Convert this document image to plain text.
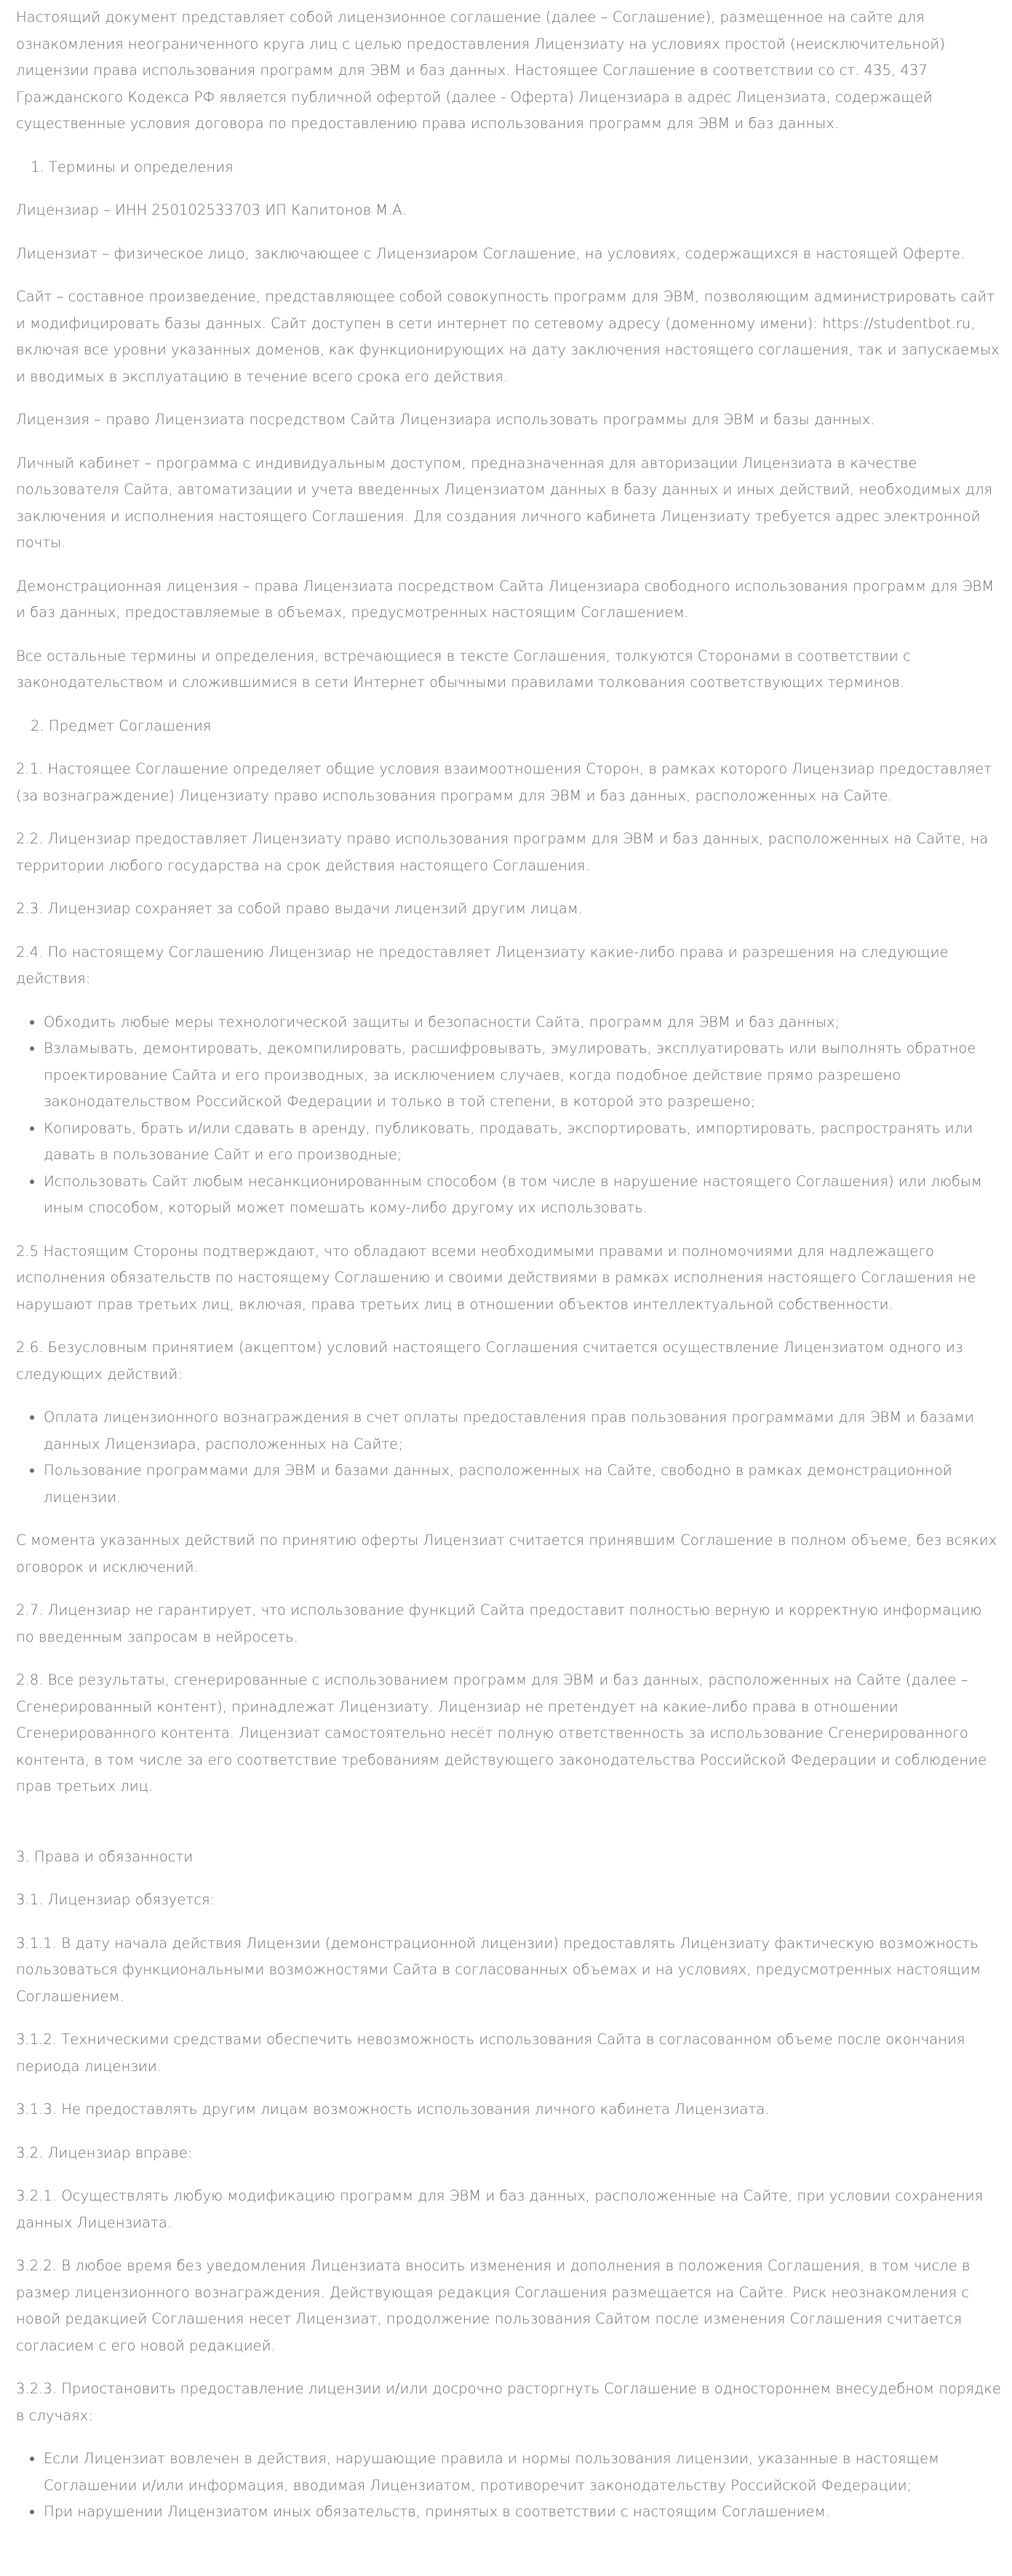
Настоящий документ представляет собой лицензионное соглашение (далее – Соглашение), размещенное на сайте для ознакомления неограниченного круга лиц с целью предоставления Лицензиату на условиях простой (неисключительной) лицензии права использования программ для ЭВМ и баз данных. Настоящее Соглашение в соответствии со ст. 435, 437 Гражданского Кодекса РФ является публичной офертой (далее - Оферта) Лицензиара в адрес Лицензиата, содержащей существенные условия договора по предоставлению права использования программ для ЭВМ и баз данных.

1. Термины и определения

Лицензиар – ИНН 250102533703 ИП Капитонов М.А.

Лицензиат – физическое лицо, заключающее с Лицензиаром Соглашение, на условиях, содержащихся в настоящей Оферте.

Сайт – составное произведение, представляющее собой совокупность программ для ЭВМ, позволяющим администрировать сайт и модифицировать базы данных. Сайт доступен в сети интернет по сетевому адресу (доменному имени): https://studentbot.ru, включая все уровни указанных доменов, как функционирующих на дату заключения настоящего соглашения, так и запускаемых и вводимых в эксплуатацию в течение всего срока его действия.

Лицензия – право Лицензиата посредством Сайта Лицензиара использовать программы для ЭВМ и базы данных.

Личный кабинет – программа с индивидуальным доступом, предназначенная для авторизации Лицензиата в качестве пользователя Сайта, автоматизации и учета введенных Лицензиатом данных в базу данных и иных действий, необходимых для заключения и исполнения настоящего Соглашения. Для создания личного кабинета Лицензиату требуется адрес электронной почты.

Демонстрационная лицензия – права Лицензиата посредством Сайта Лицензиара свободного использования программ для ЭВМ и баз данных, предоставляемые в объемах, предусмотренных настоящим Соглашением.

Все остальные термины и определения, встречающиеся в тексте Соглашения, толкуются Сторонами в соответствии с законодательством и сложившимися в сети Интернет обычными правилами толкования соответствующих терминов.

2. Предмет Соглашения

2.1. Настоящее Соглашение определяет общие условия взаимоотношения Сторон, в рамках которого Лицензиар предоставляет (за вознаграждение) Лицензиату право использования программ для ЭВМ и баз данных, расположенных на Сайте.

2.2. Лицензиар предоставляет Лицензиату право использования программ для ЭВМ и баз данных, расположенных на Сайте, на территории любого государства на срок действия настоящего Соглашения.

2.3. Лицензиар сохраняет за собой право выдачи лицензий другим лицам.

2.4. По настоящему Соглашению Лицензиар не предоставляет Лицензиату какие-либо права и разрешения на следующие действия:

• Обходить любые меры технологической защиты и безопасности Сайта, программ для ЭВМ и баз данных;
• Взламывать, демонтировать, декомпилировать, расшифровывать, эмулировать, эксплуатировать или выполнять обратное проектирование Сайта и его производных, за исключением случаев, когда подобное действие прямо разрешено законодательством Российской Федерации и только в той степени, в которой это разрешено;
• Копировать, брать и/или сдавать в аренду, публиковать, продавать, экспортировать, импортировать, распространять или давать в пользование Сайт и его производные;
• Использовать Сайт любым несанкционированным способом (в том числе в нарушение настоящего Соглашения) или любым иным способом, который может помешать кому-либо другому их использовать.

2.5 Настоящим Стороны подтверждают, что обладают всеми необходимыми правами и полномочиями для надлежащего исполнения обязательств по настоящему Соглашению и своими действиями в рамках исполнения настоящего Соглашения не нарушают прав третьих лиц, включая, права третьих лиц в отношении объектов интеллектуальной собственности.

2.6. Безусловным принятием (акцептом) условий настоящего Соглашения считается осуществление Лицензиатом одного из следующих действий:

• Оплата лицензионного вознаграждения в счет оплаты предоставления прав пользования программами для ЭВМ и базами данных Лицензиара, расположенных на Сайте;
• Пользование программами для ЭВМ и базами данных, расположенных на Сайте, свободно в рамках демонстрационной лицензии.

С момента указанных действий по принятию оферты Лицензиат считается принявшим Соглашение в полном объеме, без всяких оговорок и исключений.

2.7. Лицензиар не гарантирует, что использование функций Сайта предоставит полностью верную и корректную информацию по введенным запросам в нейросеть.

2.8. Все результаты, сгенерированные с использованием программ для ЭВМ и баз данных, расположенных на Сайте (далее – Сгенерированный контент), принадлежат Лицензиату. Лицензиар не претендует на какие-либо права в отношении Сгенерированного контента. Лицензиат самостоятельно несёт полную ответственность за использование Сгенерированного контента, в том числе за его соответствие требованиям действующего законодательства Российской Федерации и соблюдение прав третьих лиц.

3. Права и обязанности

3.1. Лицензиар обязуется:

3.1.1. В дату начала действия Лицензии (демонстрационной лицензии) предоставлять Лицензиату фактическую возможность пользоваться функциональными возможностями Сайта в согласованных объемах и на условиях, предусмотренных настоящим Соглашением.

3.1.2. Техническими средствами обеспечить невозможность использования Сайта в согласованном объеме после окончания периода лицензии.

3.1.3. Не предоставлять другим лицам возможность использования личного кабинета Лицензиата.

3.2. Лицензиар вправе:

3.2.1. Осуществлять любую модификацию программ для ЭВМ и баз данных, расположенные на Сайте, при условии сохранения данных Лицензиата.

3.2.2. В любое время без уведомления Лицензиата вносить изменения и дополнения в положения Соглашения, в том числе в размер лицензионного вознаграждения. Действующая редакция Соглашения размещается на Сайте. Риск неознакомления с новой редакцией Соглашения несет Лицензиат, продолжение пользования Сайтом после изменения Соглашения считается согласием с его новой редакцией.

3.2.3. Приостановить предоставление лицензии и/или досрочно расторгнуть Соглашение в одностороннем внесудебном порядке в случаях:

• Если Лицензиат вовлечен в действия, нарушающие правила и нормы пользования лицензии, указанные в настоящем Соглашении и/или информация, вводимая Лицензиатом, противоречит законодательству Российской Федерации;
• При нарушении Лицензиатом иных обязательств, принятых в соответствии с настоящим Соглашением.
